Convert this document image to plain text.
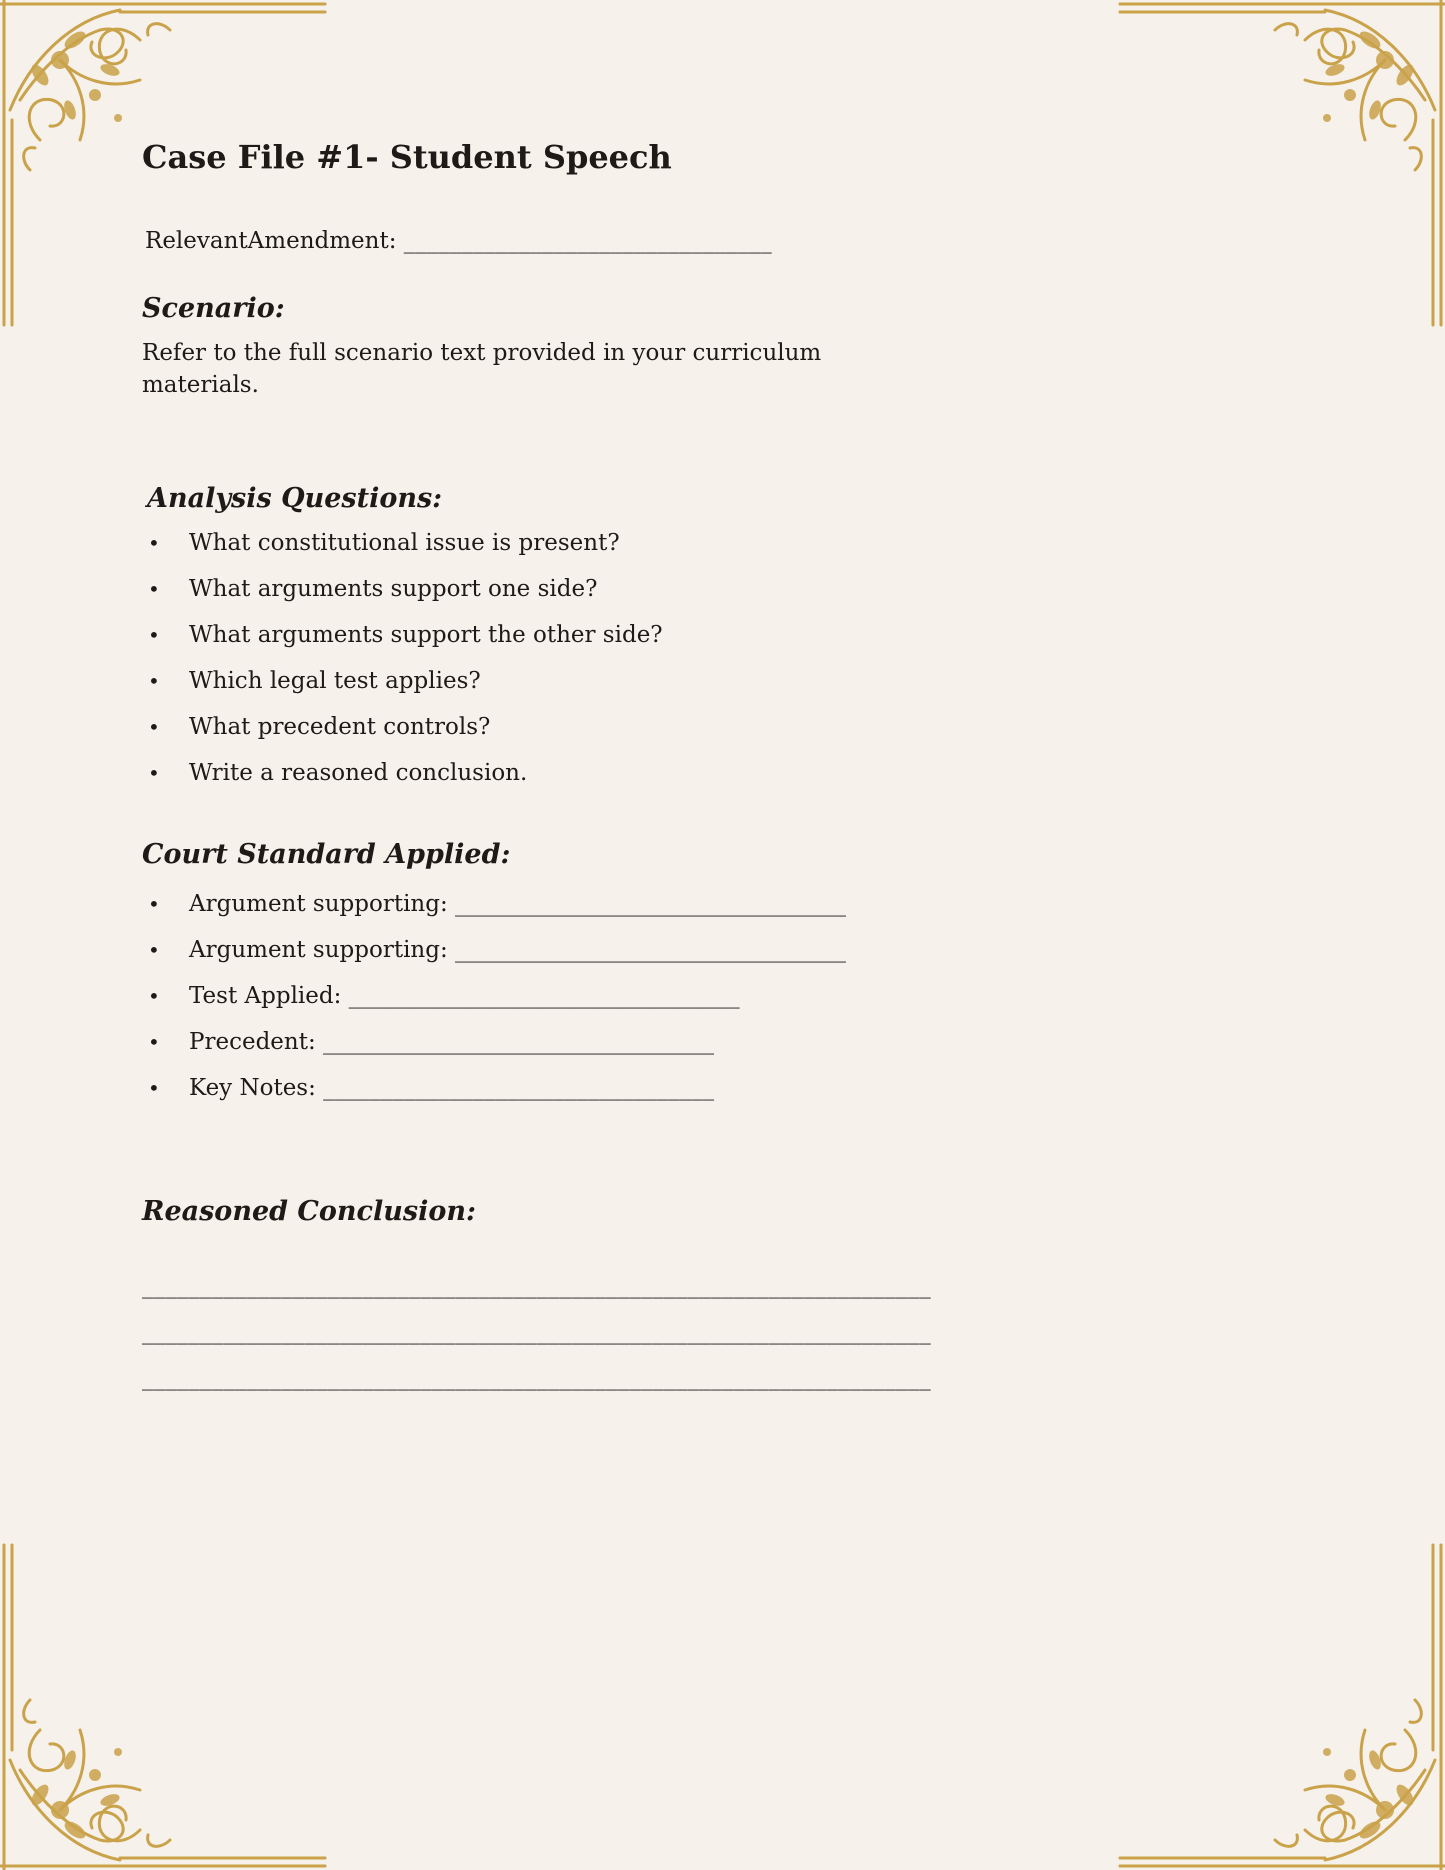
Case File #1- Student Speech
RelevantAmendment: ________________________________
Scenario:
Refer to the full scenario text provided in your curriculum materials.
Analysis Questions:
• What constitutional issue is present?
• What arguments support one side?
• What arguments support the other side?
• Which legal test applies?
• What precedent controls?
• Write a reasoned conclusion.
Court Standard Applied:
• Argument supporting: __________________________________
• Argument supporting: __________________________________
• Test Applied: __________________________________
• Precedent: __________________________________
• Key Notes: __________________________________
Reasoned Conclusion:
____________________________________________________________________
____________________________________________________________________
____________________________________________________________________
